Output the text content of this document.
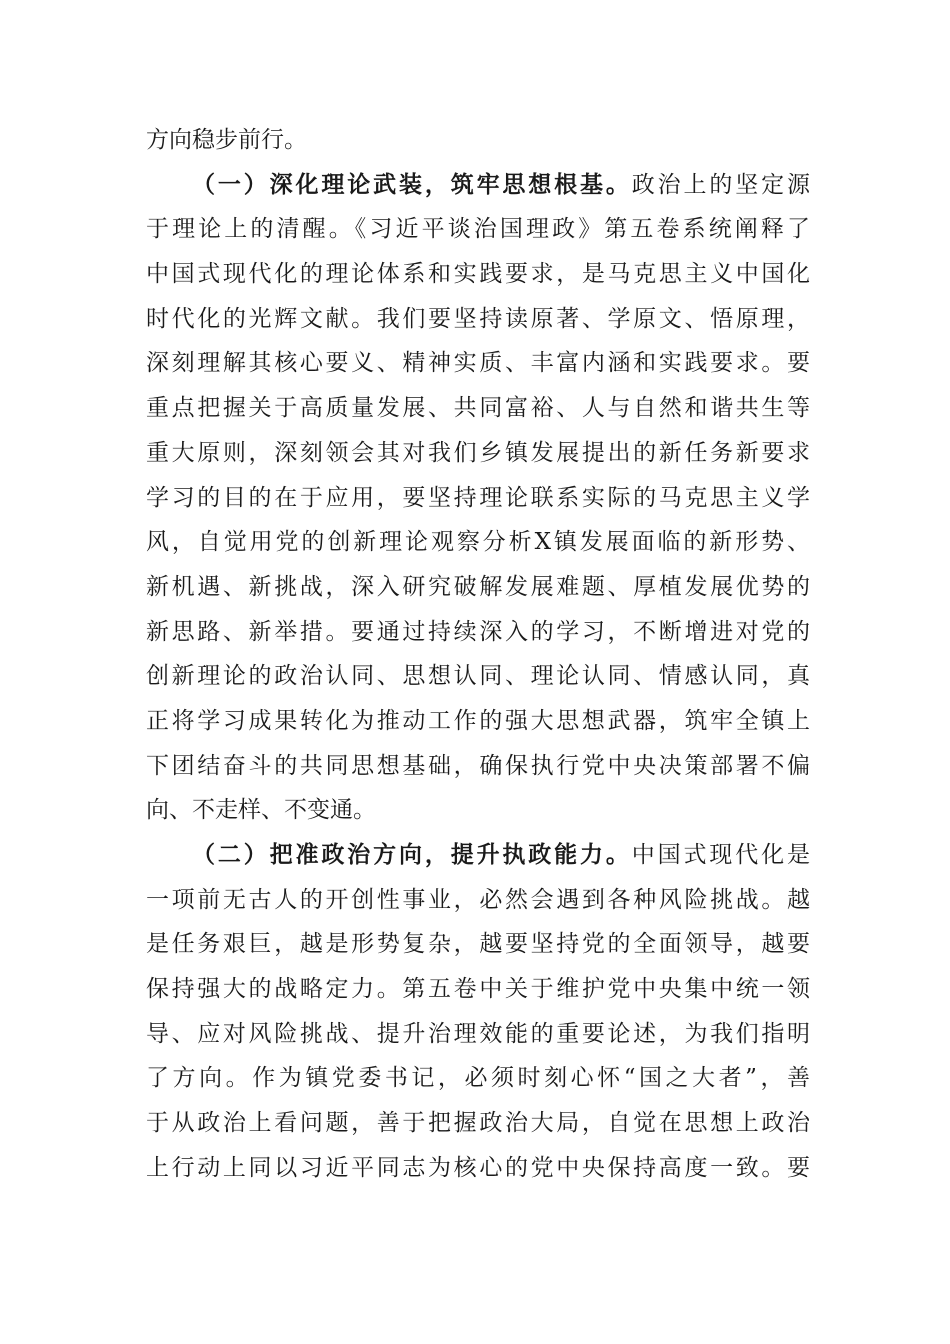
方向稳步前行。
（一）深化理论武装，筑牢思想根基。政治上的坚定源
于理论上的清醒。《习近平谈治国理政》第五卷系统阐释了
中国式现代化的理论体系和实践要求，是马克思主义中国化
时代化的光辉文献。我们要坚持读原著、学原文、悟原理，
深刻理解其核心要义、精神实质、丰富内涵和实践要求。要
重点把握关于高质量发展、共同富裕、人与自然和谐共生等
重大原则，深刻领会其对我们乡镇发展提出的新任务新要求
学习的目的在于应用，要坚持理论联系实际的马克思主义学
风，自觉用党的创新理论观察分析X镇发展面临的新形势、
新机遇、新挑战，深入研究破解发展难题、厚植发展优势的
新思路、新举措。要通过持续深入的学习，不断增进对党的
创新理论的政治认同、思想认同、理论认同、情感认同，真
正将学习成果转化为推动工作的强大思想武器，筑牢全镇上
下团结奋斗的共同思想基础，确保执行党中央决策部署不偏
向、不走样、不变通。
（二）把准政治方向，提升执政能力。中国式现代化是
一项前无古人的开创性事业，必然会遇到各种风险挑战。越
是任务艰巨，越是形势复杂，越要坚持党的全面领导，越要
保持强大的战略定力。第五卷中关于维护党中央集中统一领
导、应对风险挑战、提升治理效能的重要论述，为我们指明
了方向。作为镇党委书记，必须时刻心怀“国之大者”，善
于从政治上看问题，善于把握政治大局，自觉在思想上政治
上行动上同以习近平同志为核心的党中央保持高度一致。要
